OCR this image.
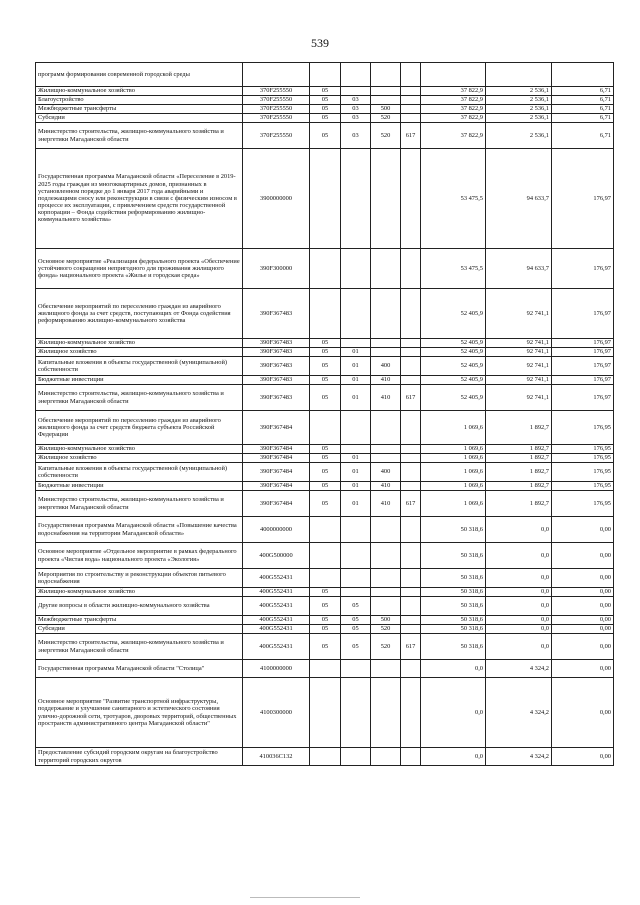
539
программ формирования современной городской среды								
Жилищно-коммунальное хозяйство	370F255550	05				37 822,9	2 536,1	6,71
Благоустройство	370F255550	05	03			37 822,9	2 536,1	6,71
Межбюджетные трансферты	370F255550	05	03	500		37 822,9	2 536,1	6,71
Субсидии	370F255550	05	03	520		37 822,9	2 536,1	6,71
Министерство строительства, жилищно-коммунального хозяйства и энергетики Магаданской области	370F255550	05	03	520	617	37 822,9	2 536,1	6,71
Государственная программа Магаданской области «Переселение в 2019-2025 годы граждан из многоквартирных домов, признанных в установленном порядке до 1 января 2017 года аварийными и подлежащими сносу или реконструкции в связи с физическим износом в процессе их эксплуатации, с привлечением средств государственной корпорации – Фонда содействия реформированию жилищно-коммунального хозяйства»	3900000000					53 475,5	94 633,7	176,97
Основное мероприятие «Реализация федерального проекта «Обеспечение устойчивого сокращения непригодного для проживания жилищного фонда» национального проекта «Жилье и городская среда»	390F300000					53 475,5	94 633,7	176,97
Обеспечение мероприятий по переселению граждан из аварийного жилищного фонда за счет средств, поступающих от Фонда содействия реформированию жилищно-коммунального хозяйства	390F367483					52 405,9	92 741,1	176,97
Жилищно-коммунальное хозяйство	390F367483	05				52 405,9	92 741,1	176,97
Жилищное хозяйство	390F367483	05	01			52 405,9	92 741,1	176,97
Капитальные вложения в объекты государственной (муниципальной) собственности	390F367483	05	01	400		52 405,9	92 741,1	176,97
Бюджетные инвестиции	390F367483	05	01	410		52 405,9	92 741,1	176,97
Министерство строительства, жилищно-коммунального хозяйства и энергетики Магаданской области	390F367483	05	01	410	617	52 405,9	92 741,1	176,97
Обеспечение мероприятий по переселению граждан из аварийного жилищного фонда за счет средств бюджета субъекта Российской Федерации	390F367484					1 069,6	1 892,7	176,95
Жилищно-коммунальное хозяйство	390F367484	05				1 069,6	1 892,7	176,95
Жилищное хозяйство	390F367484	05	01			1 069,6	1 892,7	176,95
Капитальные вложения в объекты государственной (муниципальной) собственности	390F367484	05	01	400		1 069,6	1 892,7	176,95
Бюджетные инвестиции	390F367484	05	01	410		1 069,6	1 892,7	176,95
Министерство строительства, жилищно-коммунального хозяйства и энергетики Магаданской области	390F367484	05	01	410	617	1 069,6	1 892,7	176,95
Государственная программа Магаданской области «Повышение качества водоснабжения на территории Магаданской области»	4000000000					50 318,6	0,0	0,00
Основное мероприятие «Отдельное мероприятие в рамках федерального проекта «Чистая вода» национального проекта «Экология»	400G500000					50 318,6	0,0	0,00
Мероприятия по строительству и реконструкции объектов питьевого водоснабжения	400G552431					50 318,6	0,0	0,00
Жилищно-коммунальное хозяйство	400G552431	05				50 318,6	0,0	0,00
Другие вопросы в области жилищно-коммунального хозяйства	400G552431	05	05			50 318,6	0,0	0,00
Межбюджетные трансферты	400G552431	05	05	500		50 318,6	0,0	0,00
Субсидии	400G552431	05	05	520		50 318,6	0,0	0,00
Министерство строительства, жилищно-коммунального хозяйства и энергетики Магаданской области	400G552431	05	05	520	617	50 318,6	0,0	0,00
Государственная программа Магаданской области "Столица"	4100000000					0,0	4 324,2	0,00
Основное мероприятие "Развитие транспортной инфраструктуры, поддержание и улучшение санитарного и эстетического состояния улично-дорожной сети, тротуаров, дворовых территорий, общественных пространств административного центра Магаданской области"	4100300000					0,0	4 324,2	0,00
Предоставление субсидий городским округам на благоустройство территорий городских округов	410036С132					0,0	4 324,2	0,00
